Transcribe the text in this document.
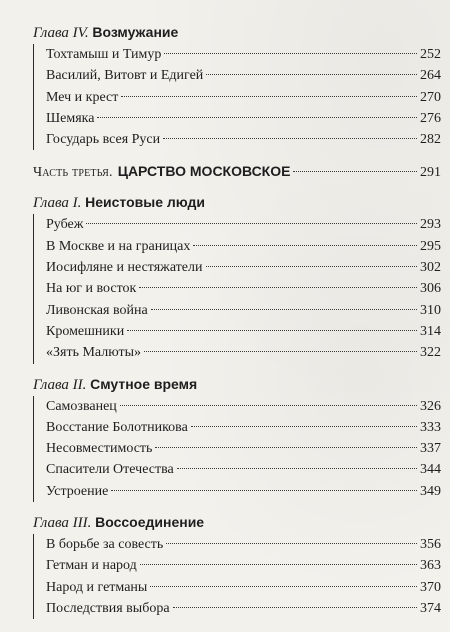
Глава IV. Возмужание
Тохтамыш и Тимур	252
Василий, Витовт и Едигей	264
Меч и крест	270
Шемяка	276
Государь всея Руси	282
Часть третья. ЦАРСТВО МОСКОВСКОЕ	291
Глава I. Неистовые люди
Рубеж	293
В Москве и на границах	295
Иосифляне и нестяжатели	302
На юг и восток	306
Ливонская война	310
Кромешники	314
«Зять Малюты»	322
Глава II. Смутное время
Самозванец	326
Восстание Болотникова	333
Несовместимость	337
Спасители Отечества	344
Устроение	349
Глава III. Воссоединение
В борьбе за совесть	356
Гетман и народ	363
Народ и гетманы	370
Последствия выбора	374
